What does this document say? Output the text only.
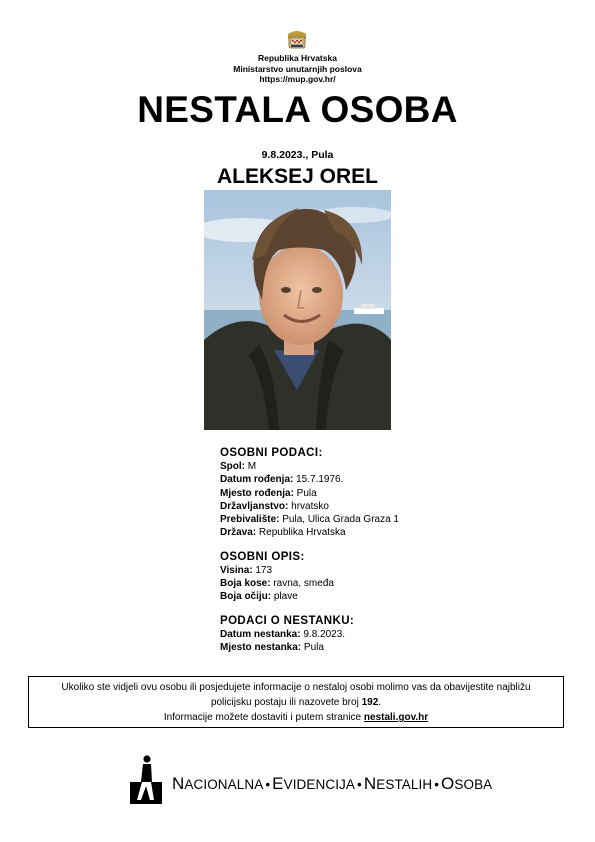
Republika Hrvatska
Ministarstvo unutarnjih poslova
https://mup.gov.hr/
NESTALA OSOBA
9.8.2023., Pula
ALEKSEJ OREL
OSOBNI PODACI:
Spol: M
Datum rođenja: 15.7.1976.
Mjesto rođenja: Pula
Državljanstvo: hrvatsko
Prebivalište: Pula, Ulica Grada Graza 1
Država: Republika Hrvatska
OSOBNI OPIS:
Visina: 173
Boja kose: ravna, smeđa
Boja očiju: plave
PODACI O NESTANKU:
Datum nestanka: 9.8.2023.
Mjesto nestanka: Pula
Ukoliko ste vidjeli ovu osobu ili posjedujete informacije o nestaloj osobi molimo vas da obavijestite najbližu
policijsku postaju ili nazovete broj 192.
Informacije možete dostaviti i putem stranice nestali.gov.hr
NACIONALNA • EVIDENCIJA • NESTALIH • OSOBA
